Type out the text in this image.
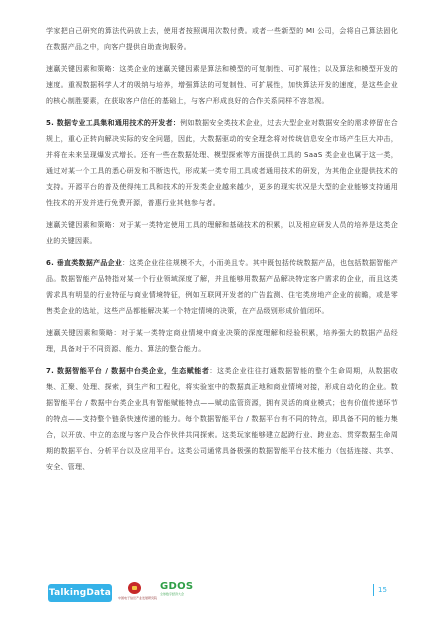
学家把自己研究的算法代码放上去，使用者按照调用次数付费。或者一些新型的 MI 公司，会将自己算法固化在数据产品之中，向客户提供自助查询服务。

速赢关键因素和策略：这类企业的速赢关键因素是算法和模型的可复制性、可扩展性；以及算法和模型开发的速度。重视数据科学人才的吸纳与培养，增强算法的可复制性、可扩展性，加快算法开发的速度，是这些企业的核心制胜要素，在获取客户信任的基础上，与客户形成良好的合作关系同样不容忽视。

5. 数据专业工具集和通用技术的开发者：例如数据安全类技术企业，过去大型企业对数据安全的需求停留在合规上，重心正转向解决实际的安全问题，因此，大数据驱动的安全理念将对传统信息安全市场产生巨大冲击，并将在未来呈现爆发式增长。还有一些在数据处理、模型探索等方面提供工具的 SaaS 类企业也属于这一类，通过对某一个工具的悉心研发和不断迭代，形成某一类专用工具或者通用技术的研发，为其他企业提供技术的支持。开源平台的普及使得纯工具和技术的开发类企业越来越少，更多的现实状况是大型的企业能够支持通用性技术的开发并进行免费开源，普惠行业其他参与者。

速赢关键因素和策略：对于某一类特定使用工具的理解和基础技术的积累，以及相应研发人员的培养是这类企业的关键因素。

6. 垂直类数据产品企业：这类企业往往规模不大，小而美且专。其中既包括传统数据产品，也包括数据智能产品。数据智能产品特指对某一个行业领域深度了解，并且能够用数据产品解决特定客户需求的企业，而且这类需求具有明显的行业特征与商业情境特征，例如互联网开发者的广告监测、住宅类房地产企业的前瞻，或是零售类企业的选址，这些产品都能解决某一个特定情境的决策，在产品级别形成价值闭环。

速赢关键因素和策略：对于某一类特定商业情境中商业决策的深度理解和经验积累，培养强大的数据产品经理，具备对于不同资源、能力、算法的整合能力。

7. 数据智能平台 / 数据中台类企业，生态赋能者：这类企业往往打通数据智能的整个生命周期，从数据收集、汇聚、处理、探索，到生产和工程化，将实验室中的数据真正地和商业情境对接，形成自动化的企业。数据智能平台 / 数据中台类企业具有智能赋能特点——赋动监管资源，拥有灵活的商业模式；也有价值传递环节的特点——支持整个链条快速传递的能力。每个数据智能平台 / 数据平台有不同的特点，即具备不同的能力集合，以开放、中立的态度与客户及合作伙伴共同探索。这类玩家能够建立起跨行业、跨业态、贯穿数据生命周期的数据平台、分析平台以及应用平台。这类公司通常具备极强的数据智能平台技术能力（包括连接、共享、安全、管理、

TalkingData	中国电子信息产业发展研究院
GDOS
全球数字经济大会	15
